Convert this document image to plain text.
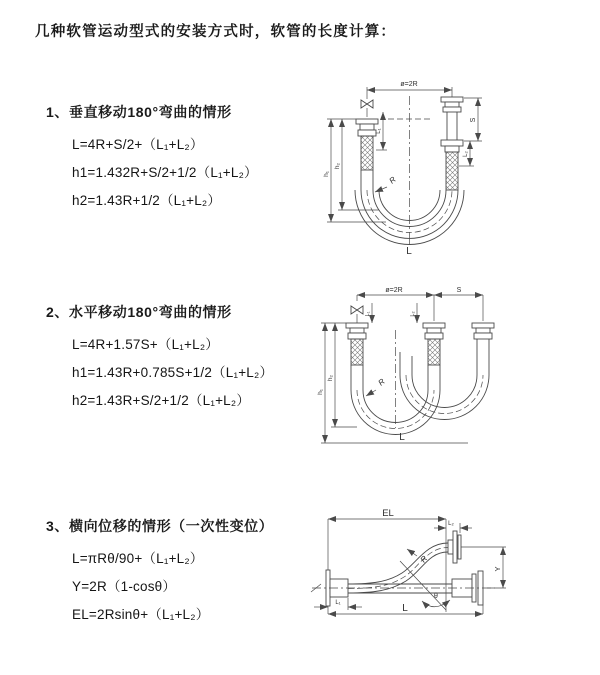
几种软管运动型式的安装方式时，软管的长度计算：
1、垂直移动180°弯曲的情形
L=4R+S/2+（L₁+L₂）
h1=1.432R+S/2+1/2（L₁+L₂）
h2=1.43R+1/2（L₁+L₂）
2、水平移动180°弯曲的情形
L=4R+1.57S+（L₁+L₂）
h1=1.43R+0.785S+1/2（L₁+L₂）
h2=1.43R+S/2+1/2（L₁+L₂）
3、横向位移的情形（一次性变位）
L=πRθ/90+（L₁+L₂）
Y=2R（1-cosθ）
EL=2Rsinθ+（L₁+L₂）
ø=2R
h₁
h₂
L₁
S
L₂
R
L
ø=2R	S
h₁
h₂
L₁	L₂
R
L
EL
L₂
Y
R
θ
L
L₁
